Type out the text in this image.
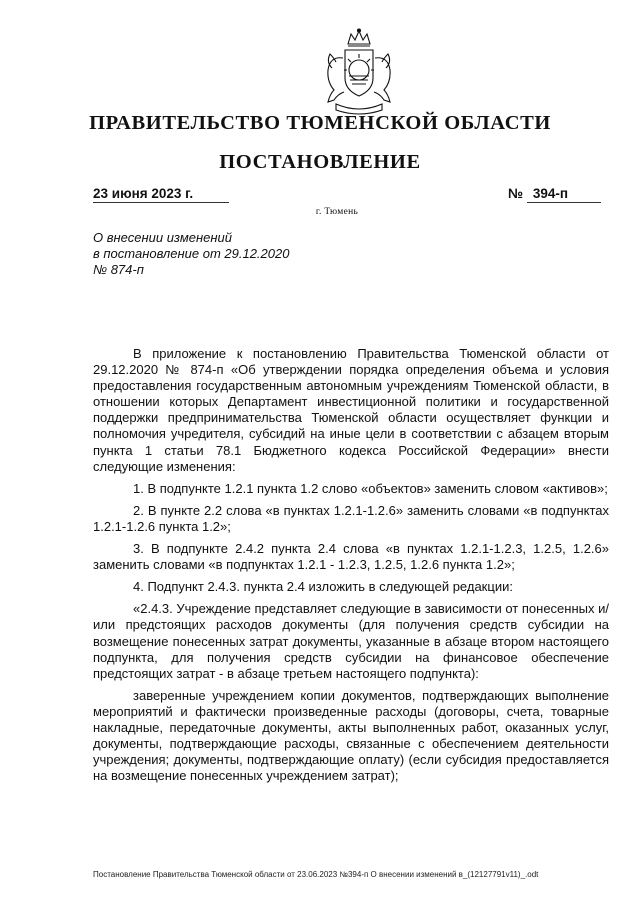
ПРАВИТЕЛЬСТВО ТЮМЕНСКОЙ ОБЛАСТИ
ПОСТАНОВЛЕНИЕ
23 июня 2023 г.	№ 394-п
г. Тюмень
О внесении изменений
в постановление от 29.12.2020
№ 874-п

В приложение к постановлению Правительства Тюменской области от 29.12.2020 № 874-п «Об утверждении порядка определения объема и условия предоставления государственным автономным учреждениям Тюменской области, в отношении которых Департамент инвестиционной политики и государственной поддержки предпринимательства Тюменской области осуществляет функции и полномочия учредителя, субсидий на иные цели в соответствии с абзацем вторым пункта 1 статьи 78.1 Бюджетного кодекса Российской Федерации» внести следующие изменения:

1. В подпункте 1.2.1 пункта 1.2 слово «объектов» заменить словом «активов»;

2. В пункте 2.2 слова «в пунктах 1.2.1-1.2.6» заменить словами «в подпунктах 1.2.1-1.2.6 пункта 1.2»;

3. В подпункте 2.4.2 пункта 2.4 слова «в пунктах 1.2.1-1.2.3, 1.2.5, 1.2.6» заменить словами «в подпунктах 1.2.1 - 1.2.3, 1.2.5, 1.2.6 пункта 1.2»;

4. Подпункт 2.4.3. пункта 2.4 изложить в следующей редакции:

«2.4.3. Учреждение представляет следующие в зависимости от понесенных и/или предстоящих расходов документы (для получения средств субсидии на возмещение понесенных затрат документы, указанные в абзаце втором настоящего подпункта, для получения средств субсидии на финансовое обеспечение предстоящих затрат - в абзаце третьем настоящего подпункта):

заверенные учреждением копии документов, подтверждающих выполнение мероприятий и фактически произведенные расходы (договоры, счета, товарные накладные, передаточные документы, акты выполненных работ, оказанных услуг, документы, подтверждающие расходы, связанные с обеспечением деятельности учреждения; документы, подтверждающие оплату) (если субсидия предоставляется на возмещение понесенных учреждением затрат);

Постановление Правительства Тюменской области от 23.06.2023 №394-п О внесении изменений в_(12127791v11)_.odt
